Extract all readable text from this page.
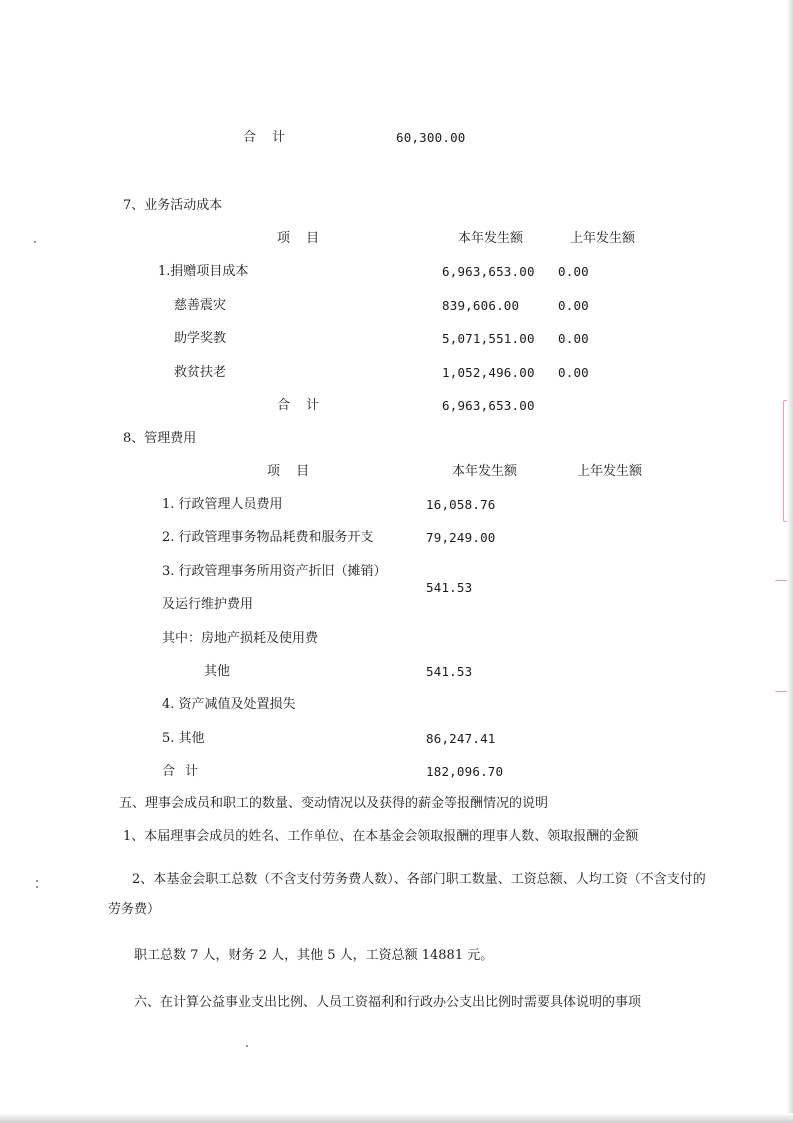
合 计	60,300.00
7、业务活动成本
项 目	本年发生额	上年发生额
1.捐赠项目成本	6,963,653.00 0.00
慈善震灾	839,606.00	0.00
助学奖教	5,071,551.00 0.00
救贫扶老	1,052,496.00 0.00
合 计	6,963,653.00
8、管理费用
项 目	本年发生额	上年发生额
1. 行政管理人员费用	16,058.76
2. 行政管理事务物品耗费和服务开支	79,249.00
3. 行政管理事务所用资产折旧（摊销）
541.53
及运行维护费用
其中：房地产损耗及使用费
其他	541.53
4. 资产减值及处置损失
5. 其他	86,247.41
合 计	182,096.70
五、理事会成员和职工的数量、变动情况以及获得的薪金等报酬情况的说明
1、本届理事会成员的姓名、工作单位、在本基金会领取报酬的理事人数、领取报酬的金额
2、本基金会职工总数（不含支付劳务费人数）、各部门职工数量、工资总额、人均工资（不含支付的劳务费）
职工总数 7 人，财务 2 人，其他 5 人，工资总额 14881 元。
六、在计算公益事业支出比例、人员工资福利和行政办公支出比例时需要具体说明的事项
